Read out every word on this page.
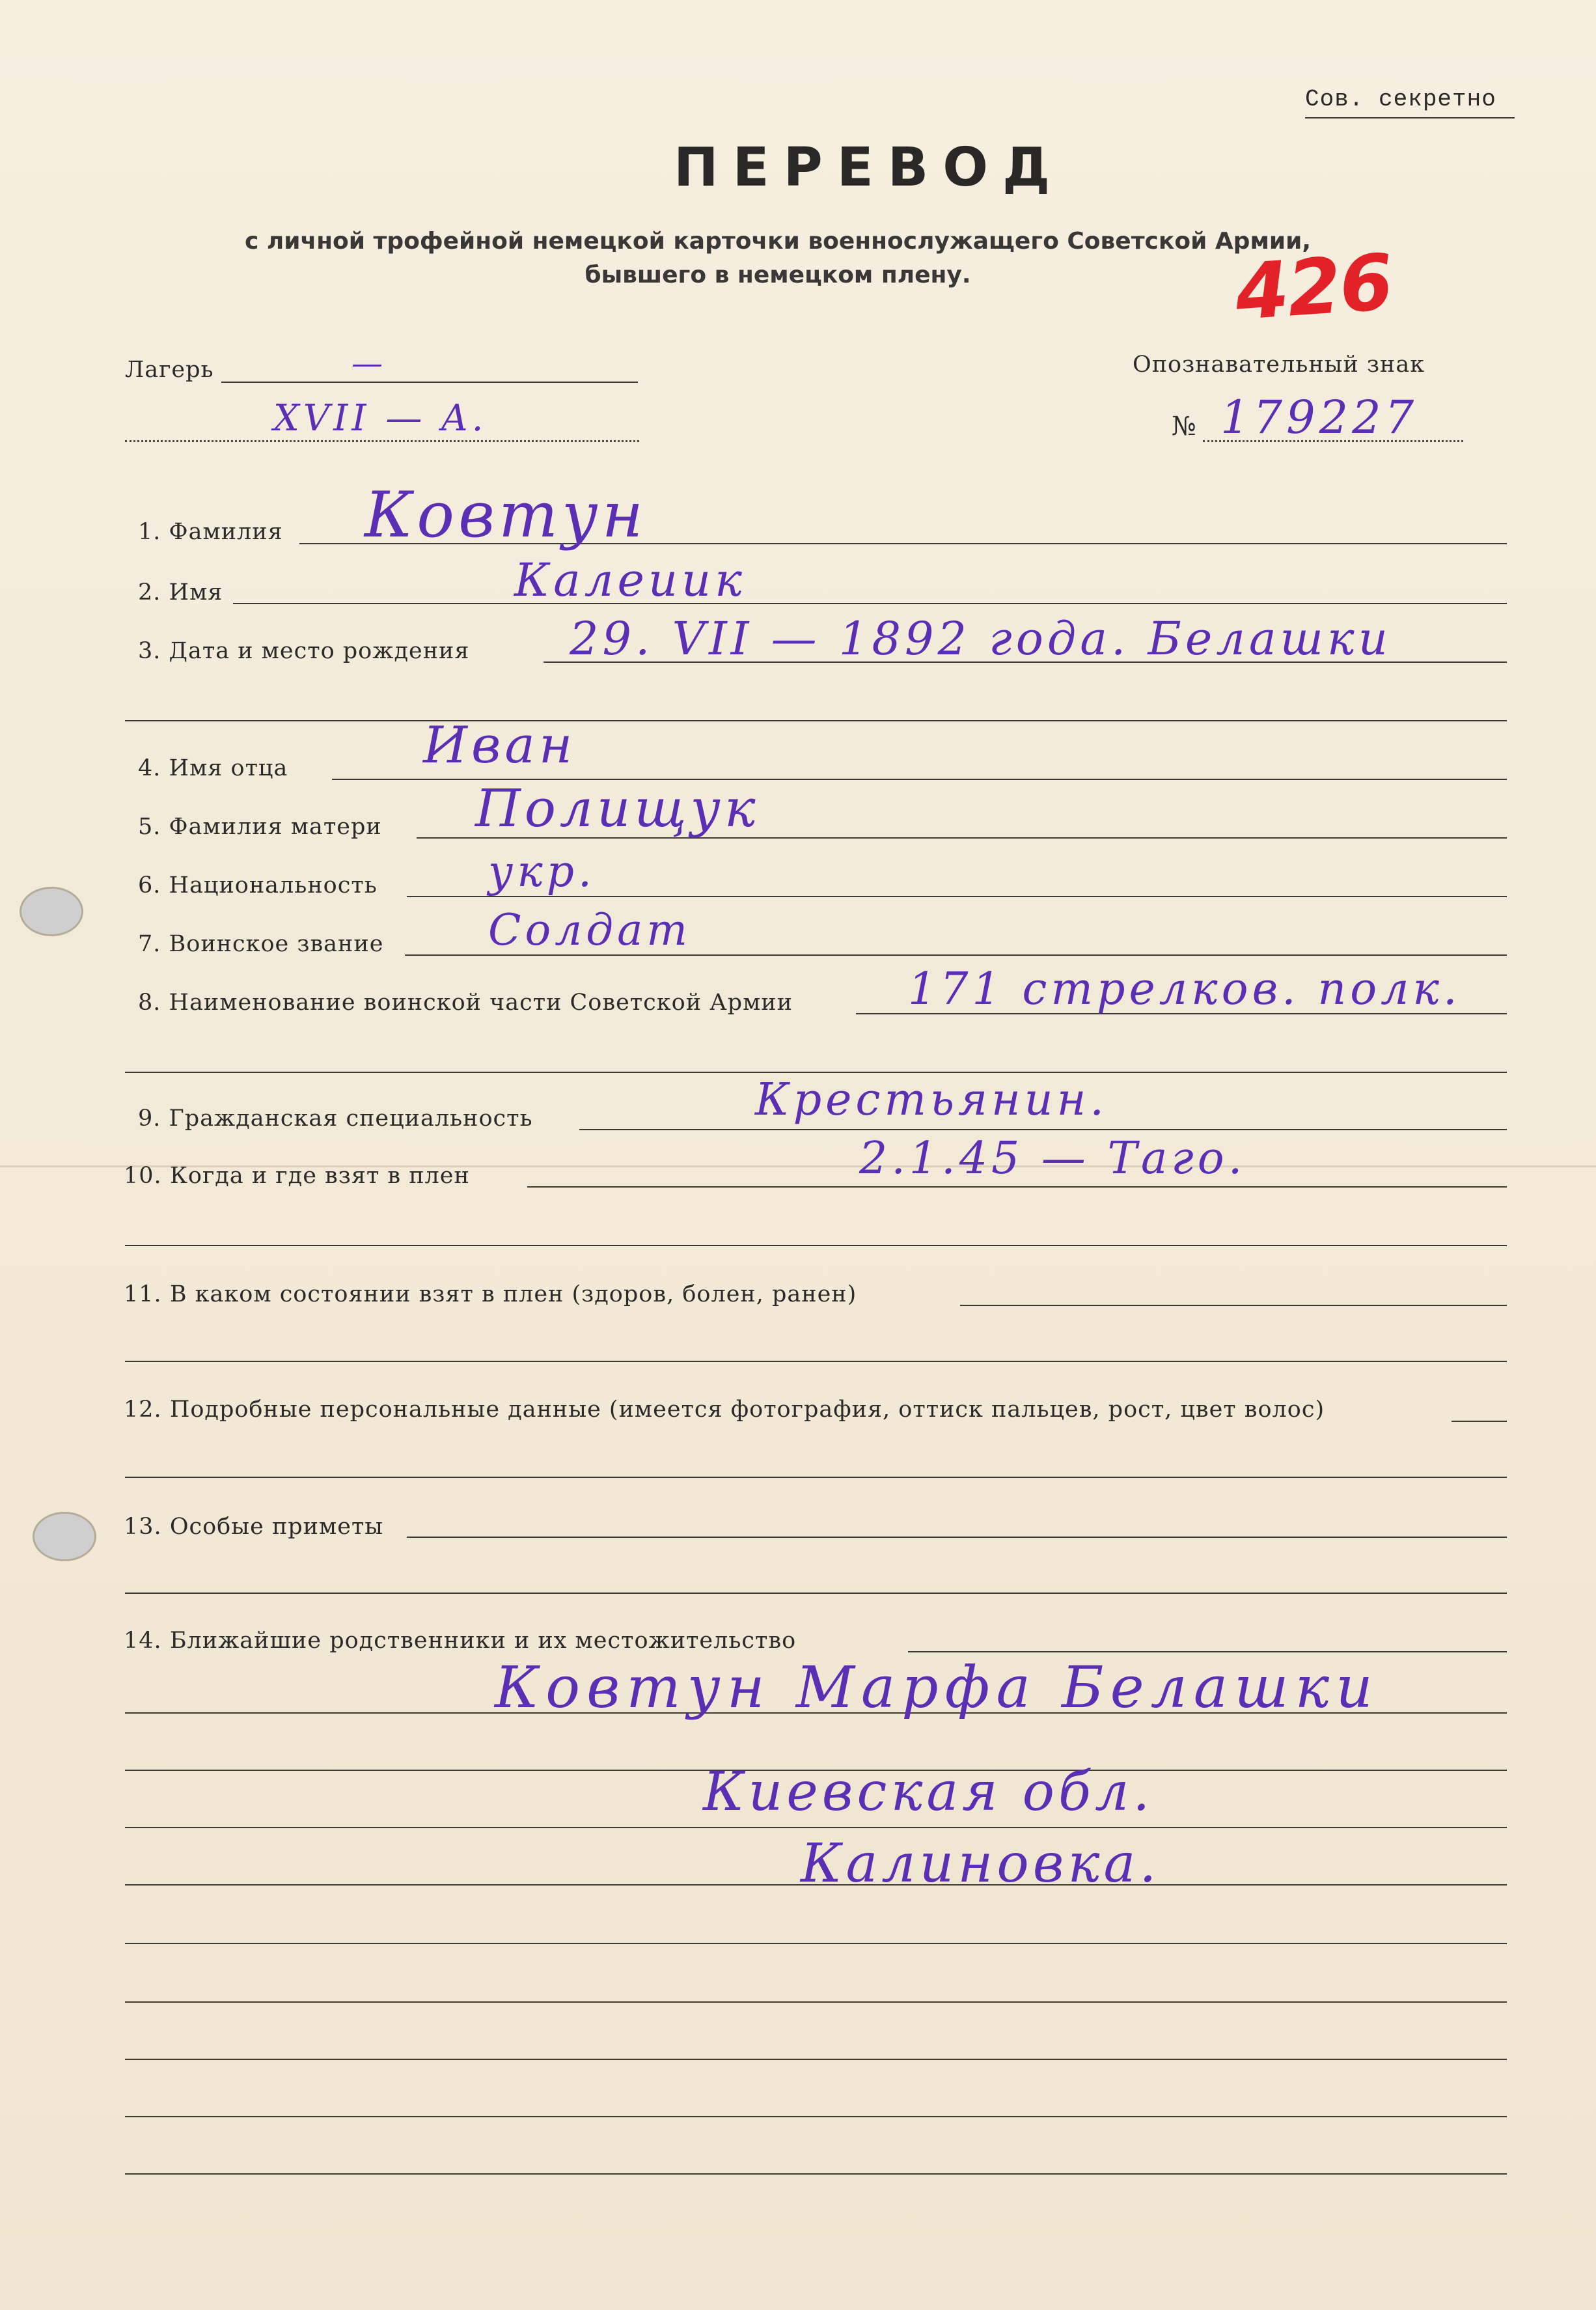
Сов. секретно
ПЕРЕВОД
с личной трофейной немецкой карточки военнослужащего Советской Армии,
бывшего в немецком плену.	426
Лагерь	—
XVII — A.
Опознавательный знак
№ 179227
1. Фамилия Ковтун
2. Имя	Калеиик
3. Дата и место рождения 29. VII — 1892 года. Белашки
4. Имя отца	Иван
5. Фамилия матери Полищук
6. Национальность	укр.
7. Воинское звание Солдат
8. Наименование воинской части Советской Армии	171 стрелков. полк.
9. Гражданская специальность	Крестьянин.
10. Когда и где взят в плен	2.1.45 — Таго.
11. В каком состоянии взят в плен (здоров, болен, ранен)
12. Подробные персональные данные (имеется фотография, оттиск пальцев, рост, цвет волос)
13. Особые приметы
14. Ближайшие родственники и их местожительство
Ковтун Марфа Белашки
Киевская обл.
Калиновка.
